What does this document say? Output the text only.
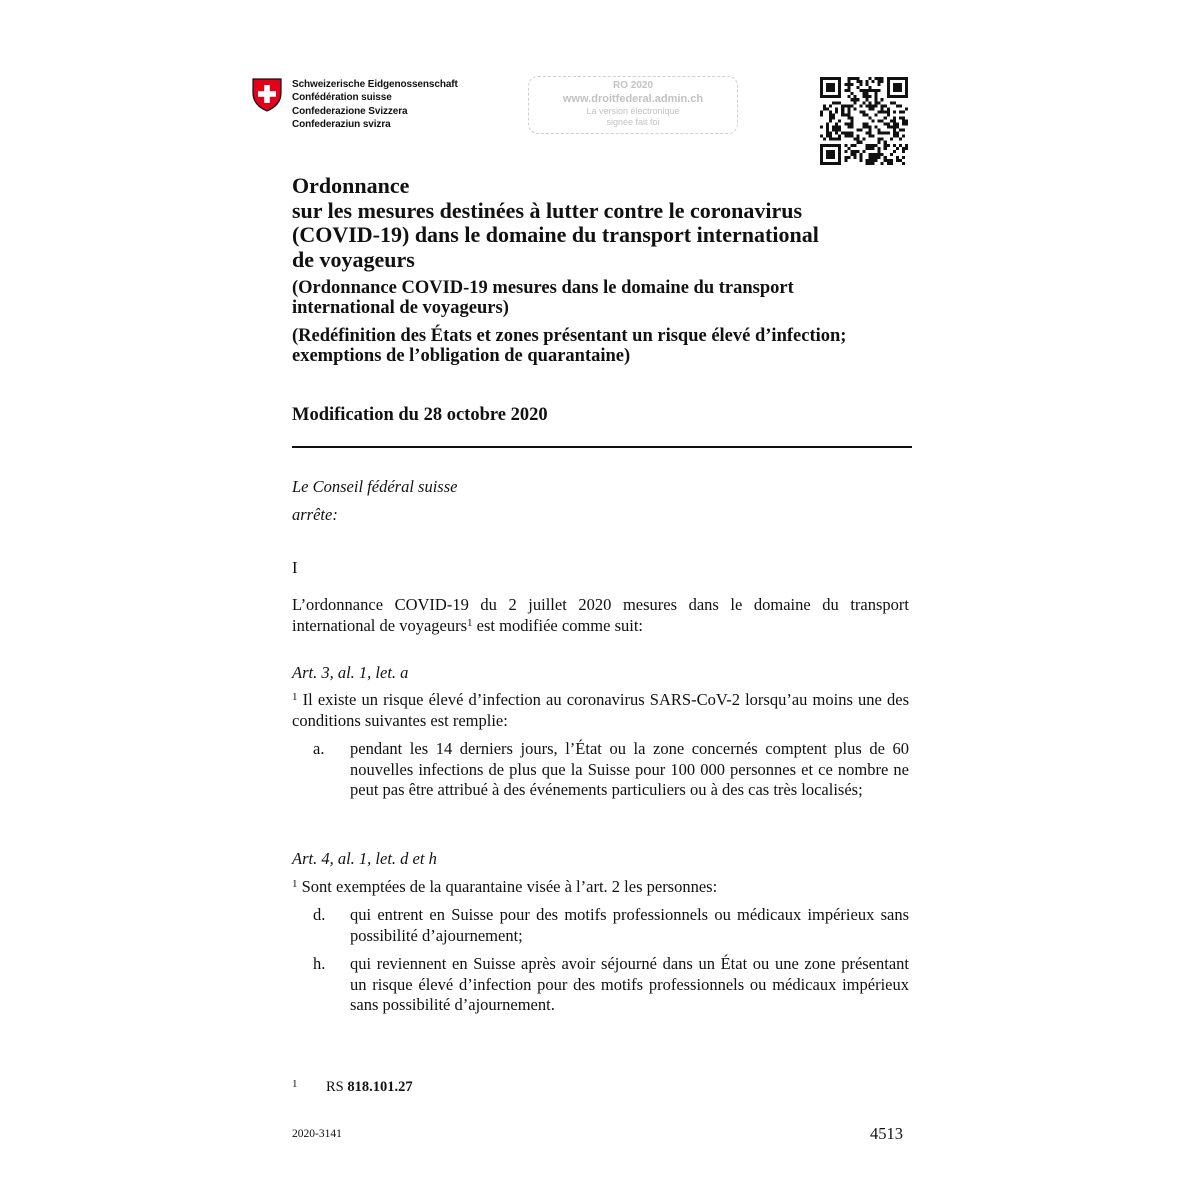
Schweizerische Eidgenossenschaft
Confédération suisse
Confederazione Svizzera
Confederaziun svizra
RO 2020
www.droitfederal.admin.ch
La version électronique
signée fait foi
Ordonnance
sur les mesures destinées à lutter contre le coronavirus
(COVID-19) dans le domaine du transport international
de voyageurs
(Ordonnance COVID-19 mesures dans le domaine du transport
international de voyageurs)
(Redéfinition des États et zones présentant un risque élevé d’infection;
exemptions de l’obligation de quarantaine)
Modification du 28 octobre 2020
Le Conseil fédéral suisse
arrête:
I
L’ordonnance COVID-19 du 2 juillet 2020 mesures dans le domaine du transport international de voyageurs$^1$ est modifiée comme suit:
Art. 3, al. 1, let. a
$^1$ Il existe un risque élevé d’infection au coronavirus SARS-CoV-2 lorsqu’au moins une des conditions suivantes est remplie:
a. pendant les 14 derniers jours, l’État ou la zone concernés comptent plus de 60 nouvelles infections de plus que la Suisse pour 100 000 personnes et ce nombre ne peut pas être attribué à des événements particuliers ou à des cas très localisés;
Art. 4, al. 1, let. d et h
$^1$ Sont exemptées de la quarantaine visée à l’art. 2 les personnes:
d. qui entrent en Suisse pour des motifs professionnels ou médicaux impérieux sans possibilité d’ajournement;
h. qui reviennent en Suisse après avoir séjourné dans un État ou une zone présentant un risque élevé d’infection pour des motifs professionnels ou médicaux impérieux sans possibilité d’ajournement.
1 RS 818.101.27
2020-3141	4513
